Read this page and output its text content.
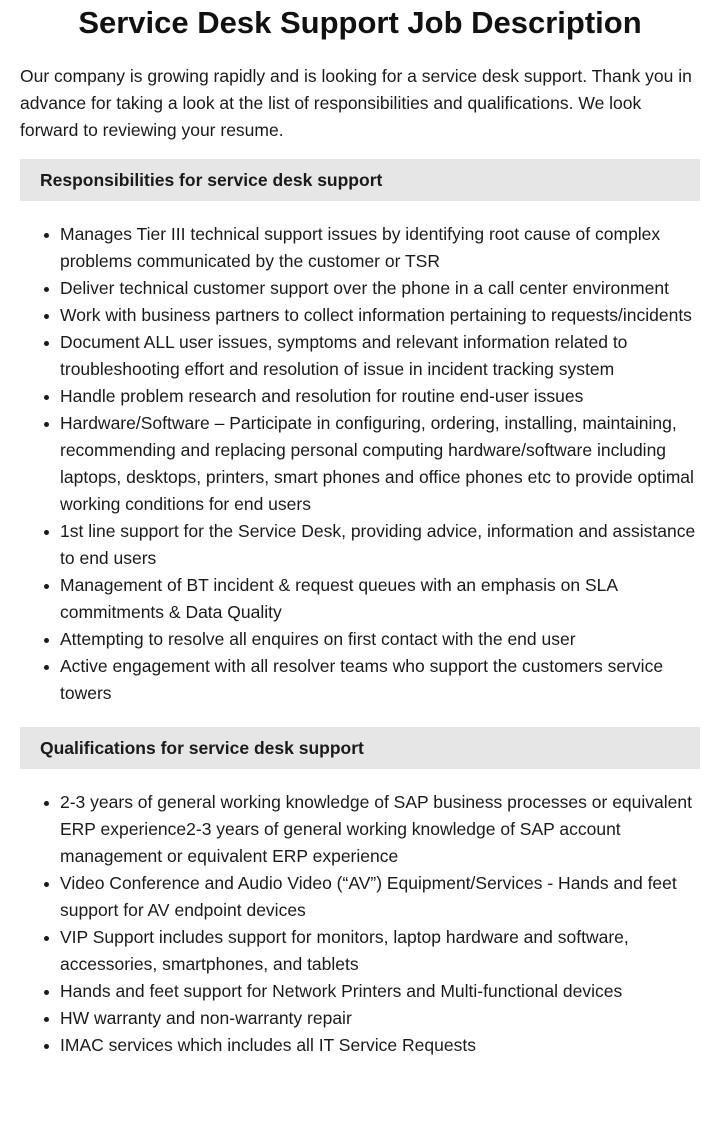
Service Desk Support Job Description

Our company is growing rapidly and is looking for a service desk support. Thank you in advance for taking a look at the list of responsibilities and qualifications. We look forward to reviewing your resume.

Responsibilities for service desk support
Manages Tier III technical support issues by identifying root cause of complex problems communicated by the customer or TSR
Deliver technical customer support over the phone in a call center environment
Work with business partners to collect information pertaining to requests/incidents
Document ALL user issues, symptoms and relevant information related to troubleshooting effort and resolution of issue in incident tracking system
Handle problem research and resolution for routine end-user issues
Hardware/Software – Participate in configuring, ordering, installing, maintaining, recommending and replacing personal computing hardware/software including laptops, desktops, printers, smart phones and office phones etc to provide optimal working conditions for end users
1st line support for the Service Desk, providing advice, information and assistance to end users
Management of BT incident & request queues with an emphasis on SLA commitments & Data Quality
Attempting to resolve all enquires on first contact with the end user
Active engagement with all resolver teams who support the customers service towers
Qualifications for service desk support
2-3 years of general working knowledge of SAP business processes or equivalent ERP experience2-3 years of general working knowledge of SAP account management or equivalent ERP experience
Video Conference and Audio Video (“AV”) Equipment/Services - Hands and feet support for AV endpoint devices
VIP Support includes support for monitors, laptop hardware and software, accessories, smartphones, and tablets
Hands and feet support for Network Printers and Multi-functional devices
HW warranty and non-warranty repair
IMAC services which includes all IT Service Requests
